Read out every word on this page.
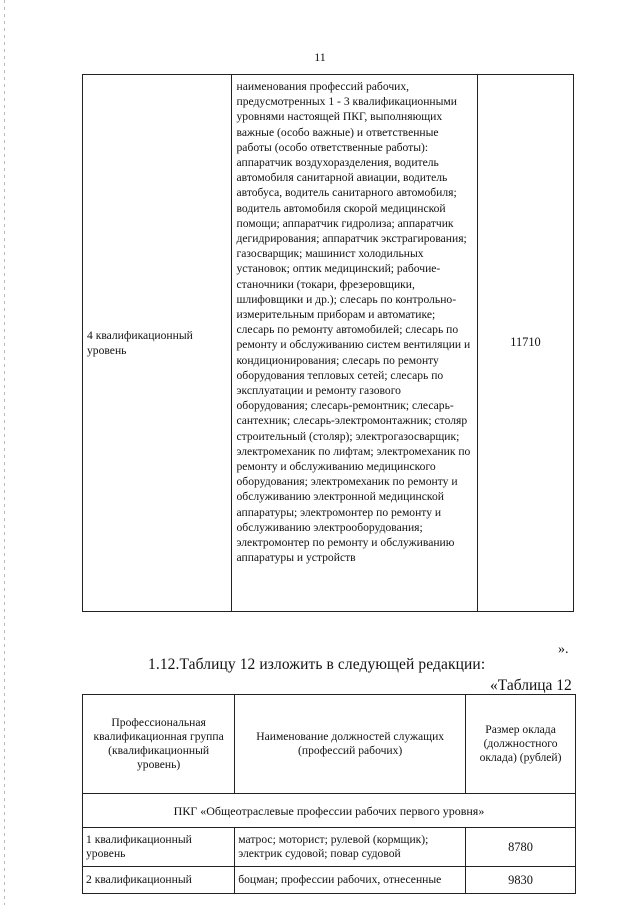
11
4 квалификационный уровень	наименования профессий рабочих, предусмотренных 1 - 3 квалификационными уровнями настоящей ПКГ, выполняющих важные (особо важные) и ответственные работы (особо ответственные работы): аппаратчик воздухоразделения, водитель автомобиля санитарной авиации, водитель автобуса, водитель санитарного автомобиля; водитель автомобиля скорой медицинской помощи; аппаратчик гидролиза; аппаратчик дегидрирования; аппаратчик экстрагирования; газосварщик; машинист холодильных установок; оптик медицинский; рабочие-станочники (токари, фрезеровщики, шлифовщики и др.); слесарь по контрольно-измерительным приборам и автоматике; слесарь по ремонту автомобилей; слесарь по ремонту и обслуживанию систем вентиляции и кондиционирования; слесарь по ремонту оборудования тепловых сетей; слесарь по эксплуатации и ремонту газового оборудования; слесарь-ремонтник; слесарь-сантехник; слесарь-электромонтажник; столяр строительный (столяр); электрогазосварщик; электромеханик по лифтам; электромеханик по ремонту и обслуживанию медицинского оборудования; электромеханик по ремонту и обслуживанию электронной медицинской аппаратуры; электромонтер по ремонту и обслуживанию электрооборудования; электромонтер по ремонту и обслуживанию аппаратуры и устройств	11710
».
1.12.Таблицу 12 изложить в следующей редакции:
«Таблица 12
Профессиональная квалификационная группа (квалификационный уровень)	Наименование должностей служащих (профессий рабочих)	Размер оклада (должностного оклада) (рублей)
ПКГ «Общеотраслевые профессии рабочих первого уровня»		
1 квалификационный уровень	матрос; моторист; рулевой (кормщик); электрик судовой; повар судовой	8780
2 квалификационный	боцман; профессии рабочих, отнесенные	9830
